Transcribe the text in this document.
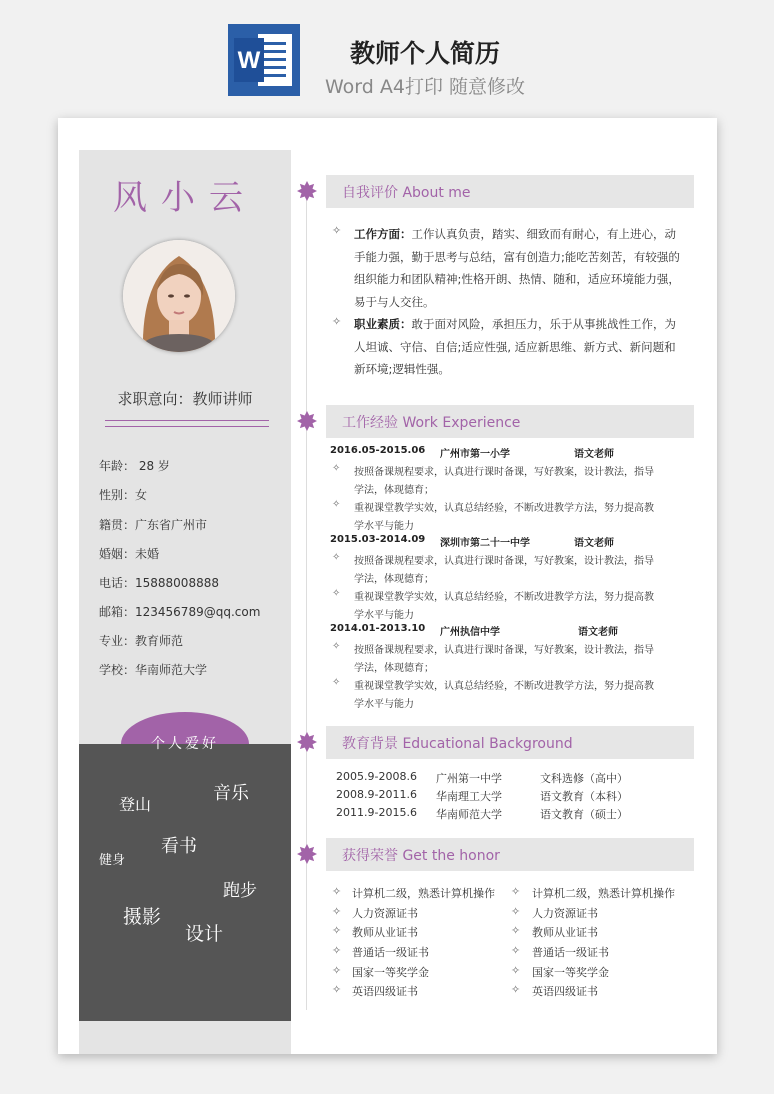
W	教师个人简历
Word A4打印 随意修改
风小云
求职意向：教师讲师
年龄： 28 岁
性别：女
籍贯：广东省广州市
婚姻：未婚
电话：15888008888
邮箱：123456789@qq.com
专业：教育师范
学校：华南师范大学
登山
音乐
健身
看书
跑步
摄影
设计
个人爱好
自我评价 About me
✧ 工作方面：工作认真负责，踏实、细致而有耐心，有上进心，动
手能力强，勤于思考与总结，富有创造力;能吃苦刻苦，有较强的
组织能力和团队精神;性格开朗、热情、随和，适应环境能力强，
易于与人交往。
✧ 职业素质：敢于面对风险，承担压力，乐于从事挑战性工作，为
人坦诚、守信、自信;适应性强, 适应新思维、新方式、新问题和
新环境;逻辑性强。
工作经验 Work Experience
2016.05-2015.06 广州市第一小学	语文老师
✧ 按照备课规程要求，认真进行课时备课，写好教案，设计教法，指导
学法，体现德育；
✧ 重视课堂教学实效，认真总结经验，不断改进教学方法，努力提高教
学水平与能力
2015.03-2014.09 深圳市第二十一中学	语文老师
✧ 按照备课规程要求，认真进行课时备课，写好教案，设计教法，指导
学法，体现德育；
✧ 重视课堂教学实效，认真总结经验，不断改进教学方法，努力提高教
学水平与能力
2014.01-2013.10 广州执信中学	语文老师
✧ 按照备课规程要求，认真进行课时备课，写好教案，设计教法，指导
学法，体现德育；
✧ 重视课堂教学实效，认真总结经验，不断改进教学方法，努力提高教
学水平与能力
教育背景 Educational Background
2005.9-2008.6 广州第一中学	文科选修（高中）
2008.9-2011.6 华南理工大学	语文教育（本科）
2011.9-2015.6 华南师范大学	语文教育（硕士）
获得荣誉 Get the honor
✧ 计算机二级，熟悉计算机操作
✧ 人力资源证书
✧ 教师从业证书
✧ 普通话一级证书
✧ 国家一等奖学金
✧ 英语四级证书
✧ 计算机二级，熟悉计算机操作
✧ 人力资源证书
✧ 教师从业证书
✧ 普通话一级证书
✧ 国家一等奖学金
✧ 英语四级证书
